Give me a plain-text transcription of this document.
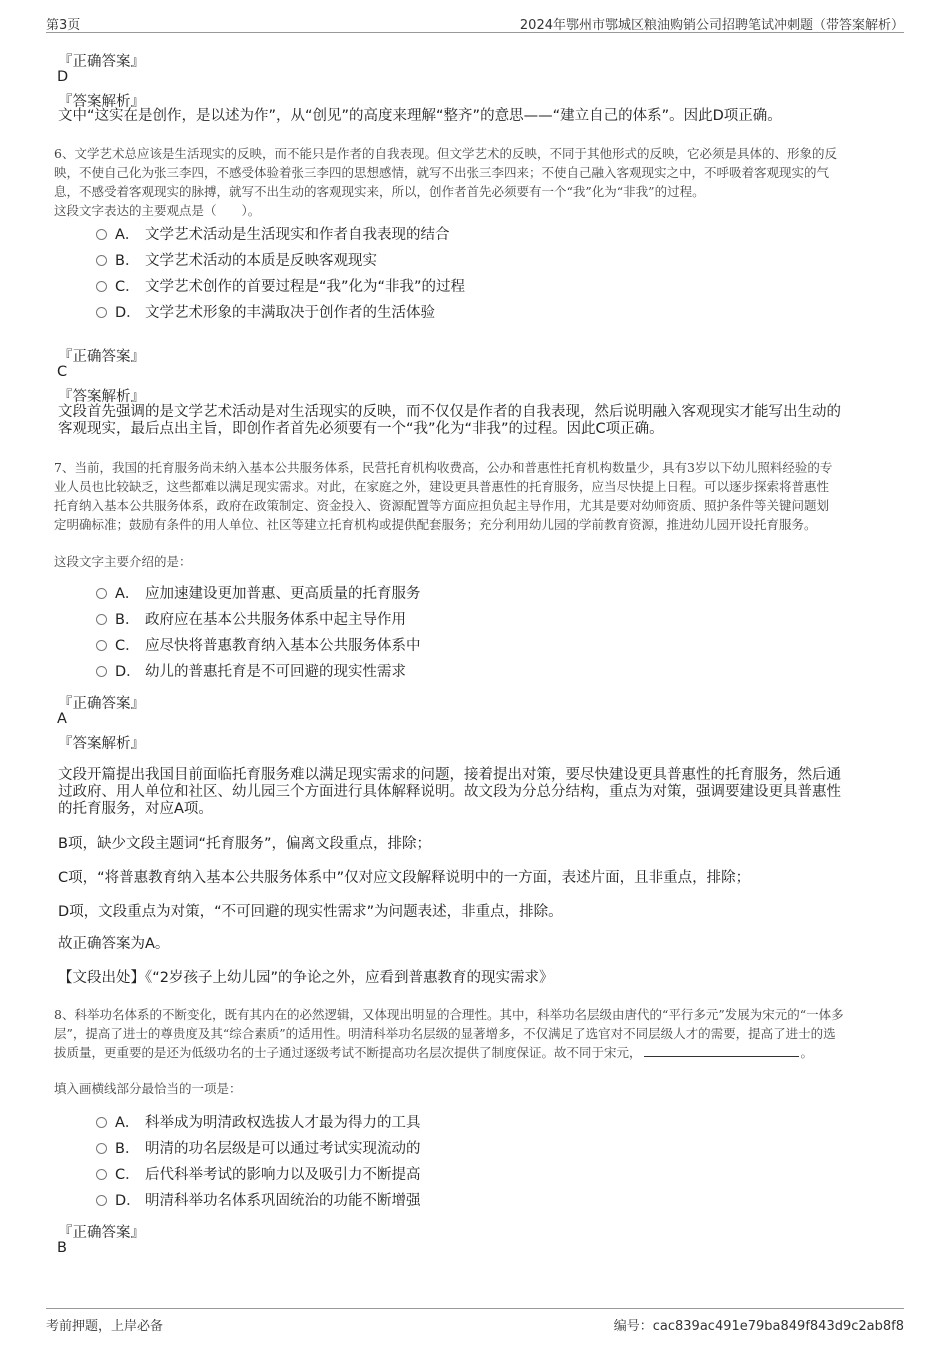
第3页	2024年鄂州市鄂城区粮油购销公司招聘笔试冲刺题（带答案解析）
『正确答案』
D
『答案解析』
文中“这实在是创作，是以述为作”，从“创见”的高度来理解“整齐”的意思——“建立自己的体系”。因此D项正确。
6、文学艺术总应该是生活现实的反映，而不能只是作者的自我表现。但文学艺术的反映，不同于其他形式的反映，它必须是具体的、形象的反
映，不使自己化为张三李四，不感受体验着张三李四的思想感情，就写不出张三李四来；不使自己融入客观现实之中，不呼吸着客观现实的气
息，不感受着客观现实的脉搏，就写不出生动的客观现实来，所以，创作者首先必须要有一个“我”化为“非我”的过程。
这段文字表达的主要观点是（　　）。
A． 文学艺术活动是生活现实和作者自我表现的结合
B． 文学艺术活动的本质是反映客观现实
C． 文学艺术创作的首要过程是“我”化为“非我”的过程
D． 文学艺术形象的丰满取决于创作者的生活体验
『正确答案』
C
『答案解析』
文段首先强调的是文学艺术活动是对生活现实的反映，而不仅仅是作者的自我表现，然后说明融入客观现实才能写出生动的
客观现实，最后点出主旨，即创作者首先必须要有一个“我”化为“非我”的过程。因此C项正确。
7、当前，我国的托育服务尚未纳入基本公共服务体系，民营托育机构收费高，公办和普惠性托育机构数量少，具有3岁以下幼儿照料经验的专
业人员也比较缺乏，这些都难以满足现实需求。对此，在家庭之外，建设更具普惠性的托育服务，应当尽快提上日程。可以逐步探索将普惠性
托育纳入基本公共服务体系，政府在政策制定、资金投入、资源配置等方面应担负起主导作用，尤其是要对幼师资质、照护条件等关键问题划
定明确标准；鼓励有条件的用人单位、社区等建立托育机构或提供配套服务；充分利用幼儿园的学前教育资源，推进幼儿园开设托育服务。
这段文字主要介绍的是：
A． 应加速建设更加普惠、更高质量的托育服务
B． 政府应在基本公共服务体系中起主导作用
C． 应尽快将普惠教育纳入基本公共服务体系中
D． 幼儿的普惠托育是不可回避的现实性需求
『正确答案』
A
『答案解析』
文段开篇提出我国目前面临托育服务难以满足现实需求的问题，接着提出对策，要尽快建设更具普惠性的托育服务，然后通
过政府、用人单位和社区、幼儿园三个方面进行具体解释说明。故文段为分总分结构，重点为对策，强调要建设更具普惠性
的托育服务，对应A项。
B项，缺少文段主题词“托育服务”，偏离文段重点，排除；
C项，“将普惠教育纳入基本公共服务体系中”仅对应文段解释说明中的一方面，表述片面，且非重点，排除；
D项，文段重点为对策，“不可回避的现实性需求”为问题表述，非重点，排除。
故正确答案为A。
【文段出处】《“2岁孩子上幼儿园”的争论之外，应看到普惠教育的现实需求》
8、科举功名体系的不断变化，既有其内在的必然逻辑，又体现出明显的合理性。其中，科举功名层级由唐代的“平行多元”发展为宋元的“一体多
层”，提高了进士的尊贵度及其“综合素质”的适用性。明清科举功名层级的显著增多，不仅满足了选官对不同层级人才的需要，提高了进士的选
拔质量，更重要的是还为低级功名的士子通过逐级考试不断提高功名层次提供了制度保证。故不同于宋元，	。
填入画横线部分最恰当的一项是：
A． 科举成为明清政权选拔人才最为得力的工具
B． 明清的功名层级是可以通过考试实现流动的
C． 后代科举考试的影响力以及吸引力不断提高
D． 明清科举功名体系巩固统治的功能不断增强
『正确答案』
B
考前押题，上岸必备	编号：cac839ac491e79ba849f843d9c2ab8f8
